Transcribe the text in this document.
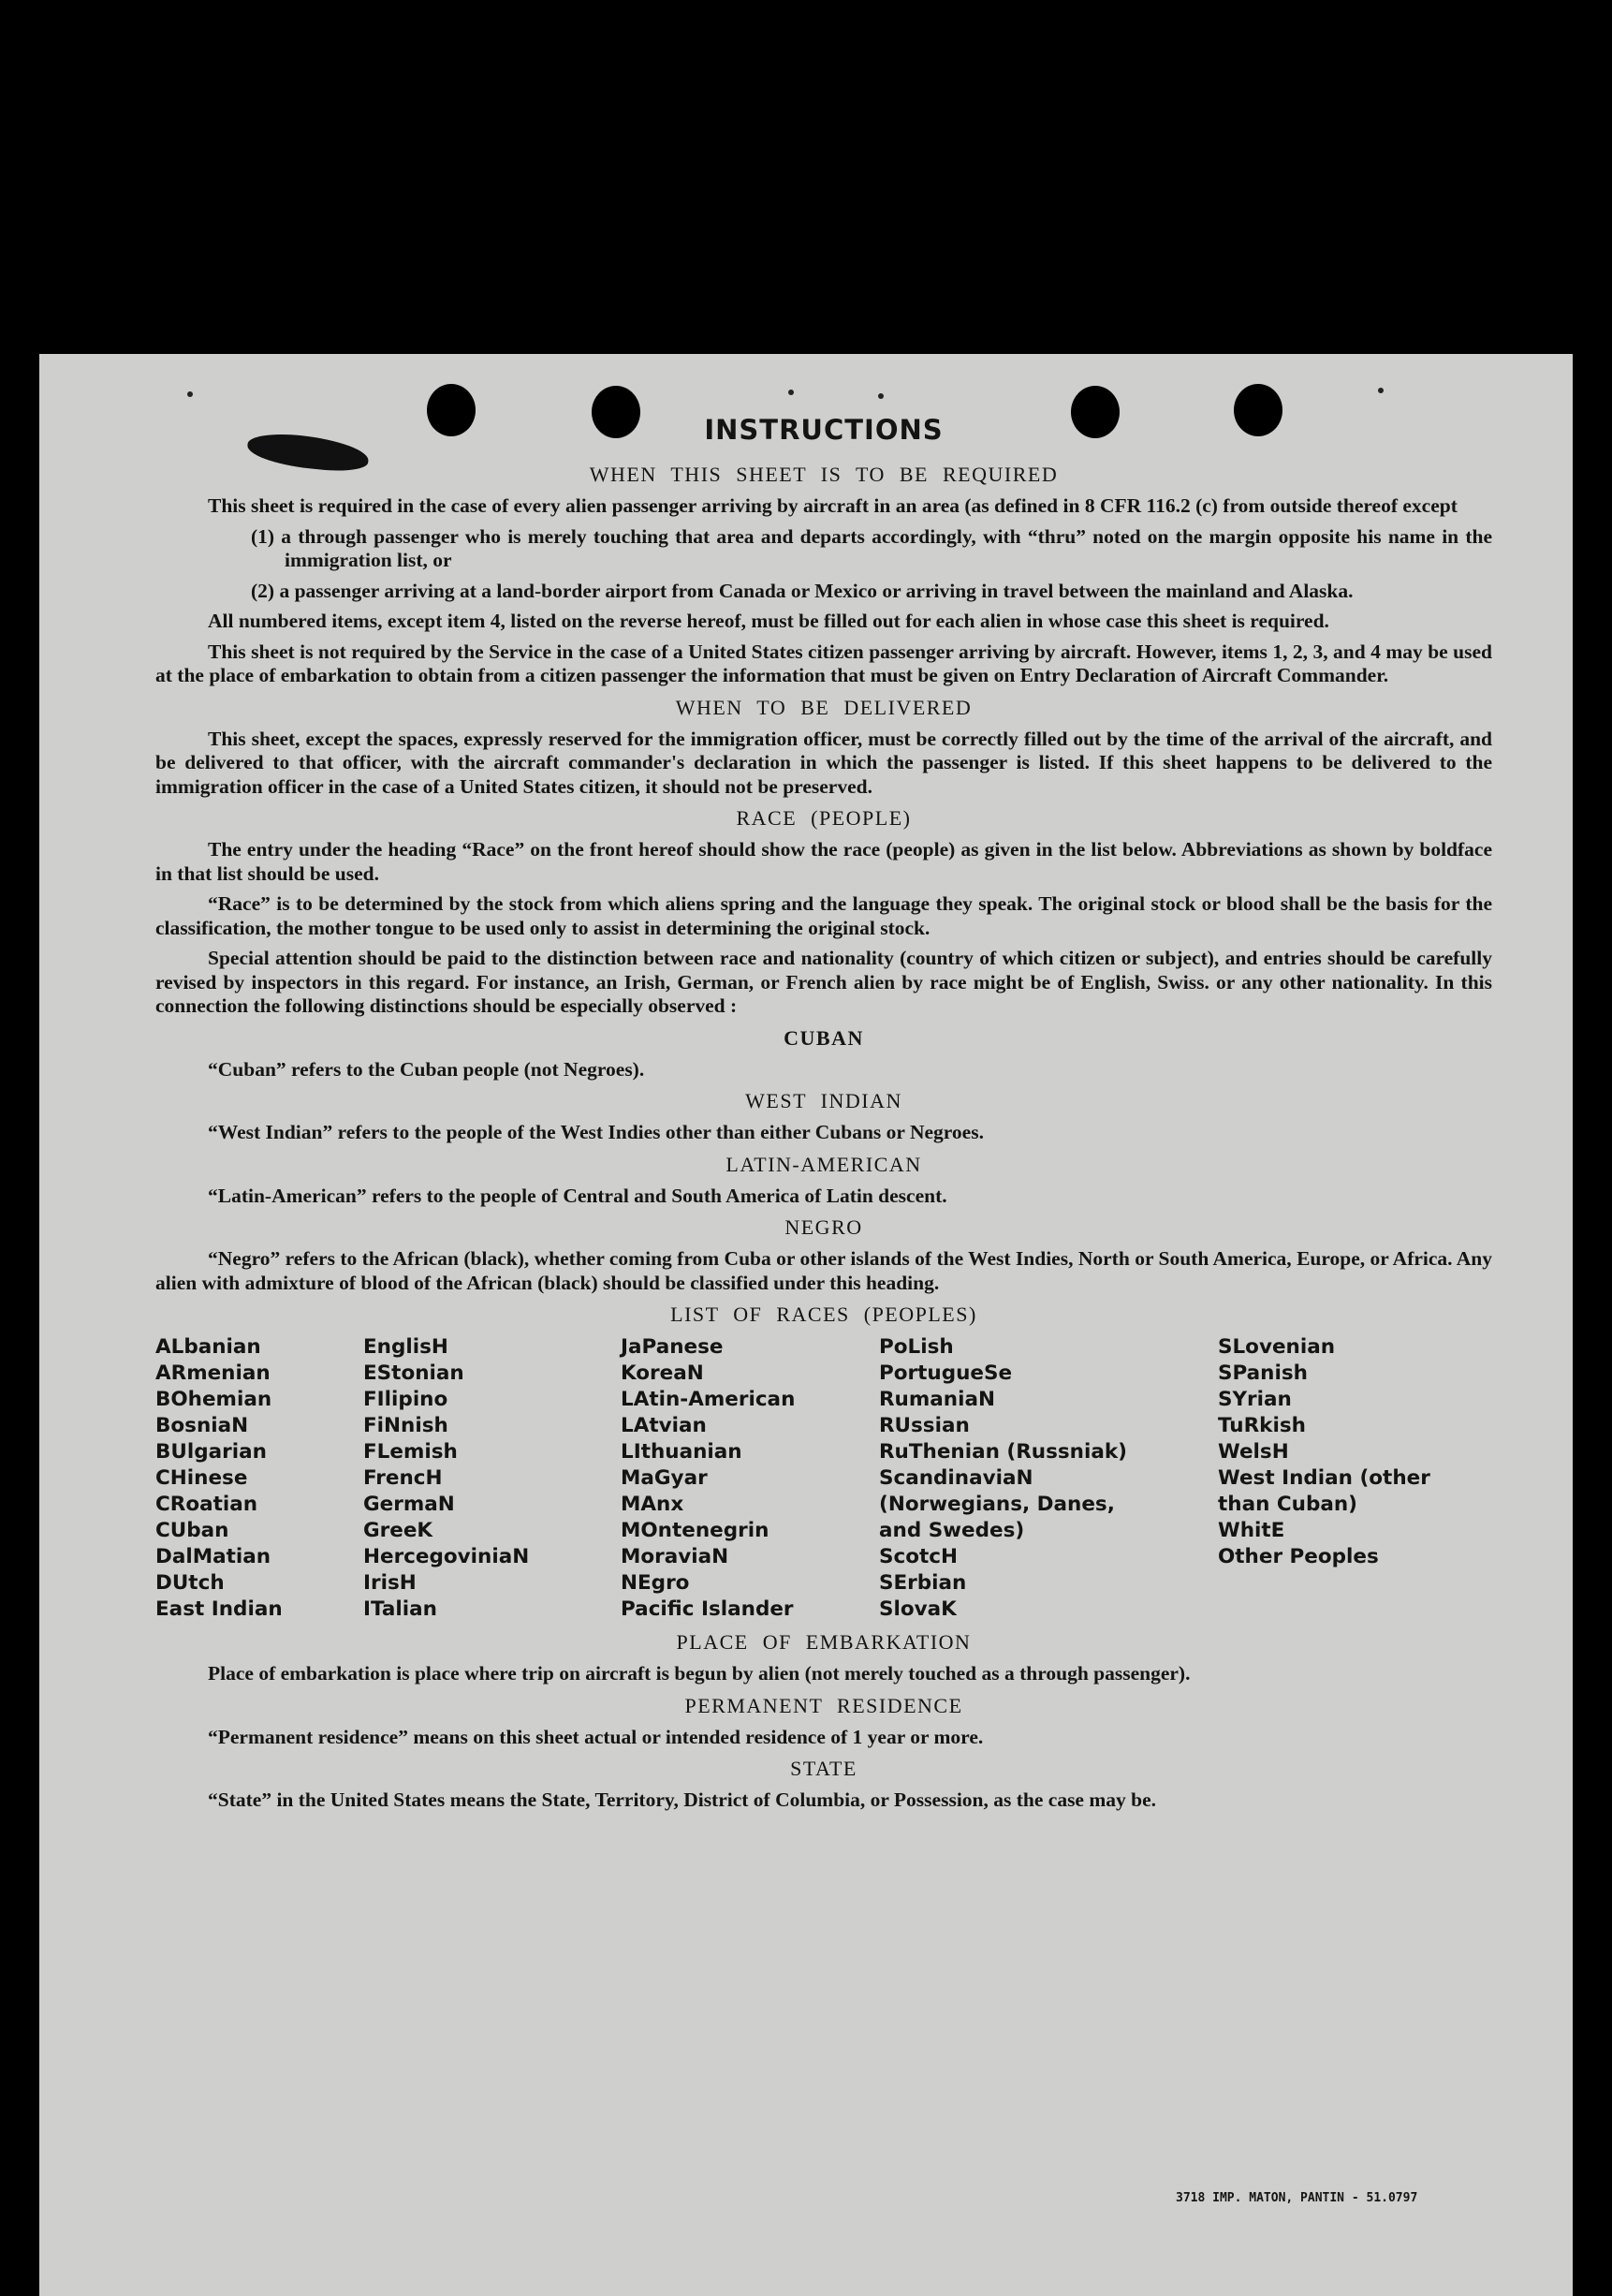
INSTRUCTIONS
WHEN THIS SHEET IS TO BE REQUIRED
This sheet is required in the case of every alien passenger arriving by aircraft in an area (as defined in 8 CFR 116.2 (c) from outside thereof except
(1) a through passenger who is merely touching that area and departs accordingly, with “thru” noted on the margin opposite his name in the immigration list, or
(2) a passenger arriving at a land-border airport from Canada or Mexico or arriving in travel between the mainland and Alaska.
All numbered items, except item 4, listed on the reverse hereof, must be filled out for each alien in whose case this sheet is required.
This sheet is not required by the Service in the case of a United States citizen passenger arriving by aircraft. However, items 1, 2, 3, and 4 may be used at the place of embarkation to obtain from a citizen passenger the information that must be given on Entry Declaration of Aircraft Commander.
WHEN TO BE DELIVERED
This sheet, except the spaces, expressly reserved for the immigration officer, must be correctly filled out by the time of the arrival of the aircraft, and be delivered to that officer, with the aircraft commander's declaration in which the passenger is listed. If this sheet happens to be delivered to the immigration officer in the case of a United States citizen, it should not be preserved.
RACE (PEOPLE)
The entry under the heading “Race” on the front hereof should show the race (people) as given in the list below. Abbreviations as shown by boldface in that list should be used.
“Race” is to be determined by the stock from which aliens spring and the language they speak. The original stock or blood shall be the basis for the classification, the mother tongue to be used only to assist in determining the original stock.
Special attention should be paid to the distinction between race and nationality (country of which citizen or subject), and entries should be carefully revised by inspectors in this regard. For instance, an Irish, German, or French alien by race might be of English, Swiss. or any other nationality. In this connection the following distinctions should be especially observed :
CUBAN
“Cuban” refers to the Cuban people (not Negroes).
WEST INDIAN
“West Indian” refers to the people of the West Indies other than either Cubans or Negroes.
LATIN-AMERICAN
“Latin-American” refers to the people of Central and South America of Latin descent.
NEGRO
“Negro” refers to the African (black), whether coming from Cuba or other islands of the West Indies, North or South America, Europe, or Africa. Any alien with admixture of blood of the African (black) should be classified under this heading.
LIST OF RACES (PEOPLES)
ALbanian
ARmenian
BOhemian
BosniaN
BUlgarian
CHinese
CRoatian
CUban
DalMatian
DUtch
East Indian
EnglisH
EStonian
FIlipino
FiNnish
FLemish
FrencH
GermaN
GreeK
HercegoviniaN
IrisH
ITalian
JaPanese
KoreaN
LAtin-American
LAtvian
LIthuanian
MaGyar
MAnx
MOntenegrin
MoraviaN
NEgro
Pacific Islander
PoLish
PortugueSe
RumaniaN
RUssian
RuThenian (Russniak)
ScandinaviaN (Norwegians, Danes, and Swedes)
ScotcH
SErbian
SlovaK
SLovenian
SPanish
SYrian
TuRkish
WelsH
West Indian (other than Cuban)
WhitE
Other Peoples
PLACE OF EMBARKATION
Place of embarkation is place where trip on aircraft is begun by alien (not merely touched as a through passenger).
PERMANENT RESIDENCE
“Permanent residence” means on this sheet actual or intended residence of 1 year or more.
STATE
“State” in the United States means the State, Territory, District of Columbia, or Possession, as the case may be.
3718 IMP. MATON, PANTIN - 51.0797
